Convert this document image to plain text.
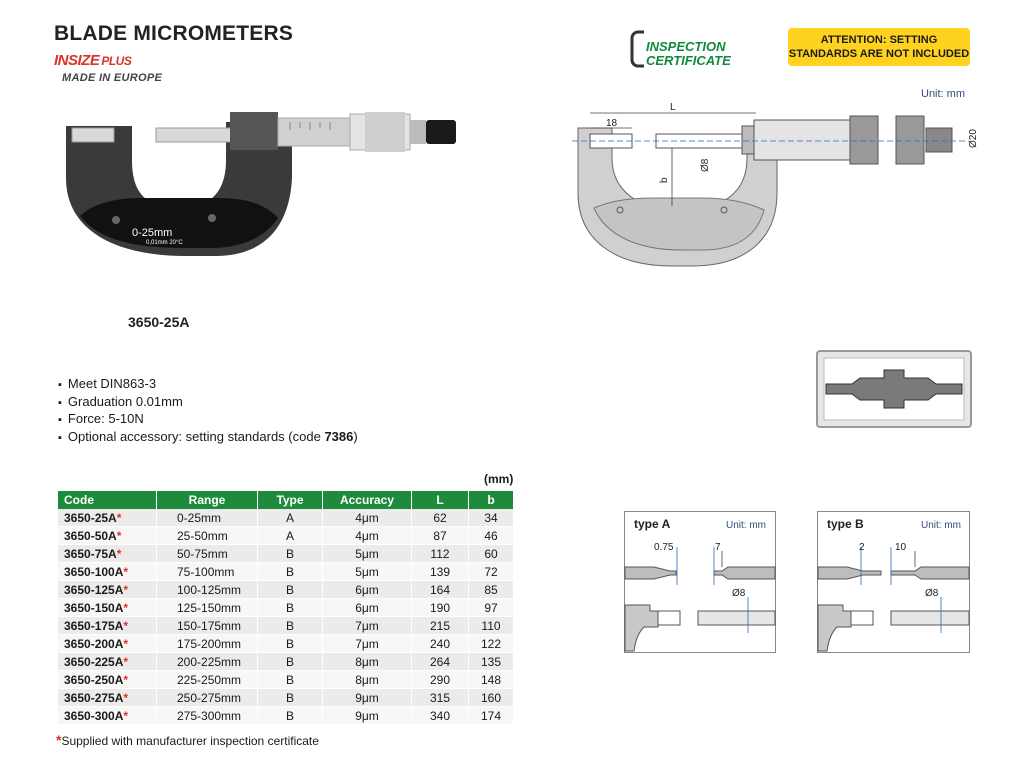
BLADE MICROMETERS
INSIZE PLUS
MADE IN EUROPE
INSPECTION
CERTIFICATE
ATTENTION: SETTING
STANDARDS ARE NOT INCLUDED
Unit: mm
0-25mm
0,01mm 20°C
3650-25A
L
18
b
Ø8
Ø20
▪ Meet DIN863-3
▪ Graduation 0.01mm
▪ Force: 5-10N
▪ Optional accessory: setting standards (code 7386)
(mm)
Code	Range	Type	Accuracy	L	b
3650-25A*	0-25mm	A	4μm	62	34
3650-50A*	25-50mm	A	4μm	87	46
3650-75A*	50-75mm	B	5μm	112	60
3650-100A*	75-100mm	B	5μm	139	72
3650-125A*	100-125mm	B	6μm	164	85
3650-150A*	125-150mm	B	6μm	190	97
3650-175A*	150-175mm	B	7μm	215	110
3650-200A*	175-200mm	B	7μm	240	122
3650-225A*	200-225mm	B	8μm	264	135
3650-250A*	225-250mm	B	8μm	290	148
3650-275A*	250-275mm	B	9μm	315	160
3650-300A*	275-300mm	B	9μm	340	174
*Supplied with manufacturer inspection certificate
type A	Unit: mm
0.75	7
Ø8
type B	Unit: mm
2	10
Ø8
